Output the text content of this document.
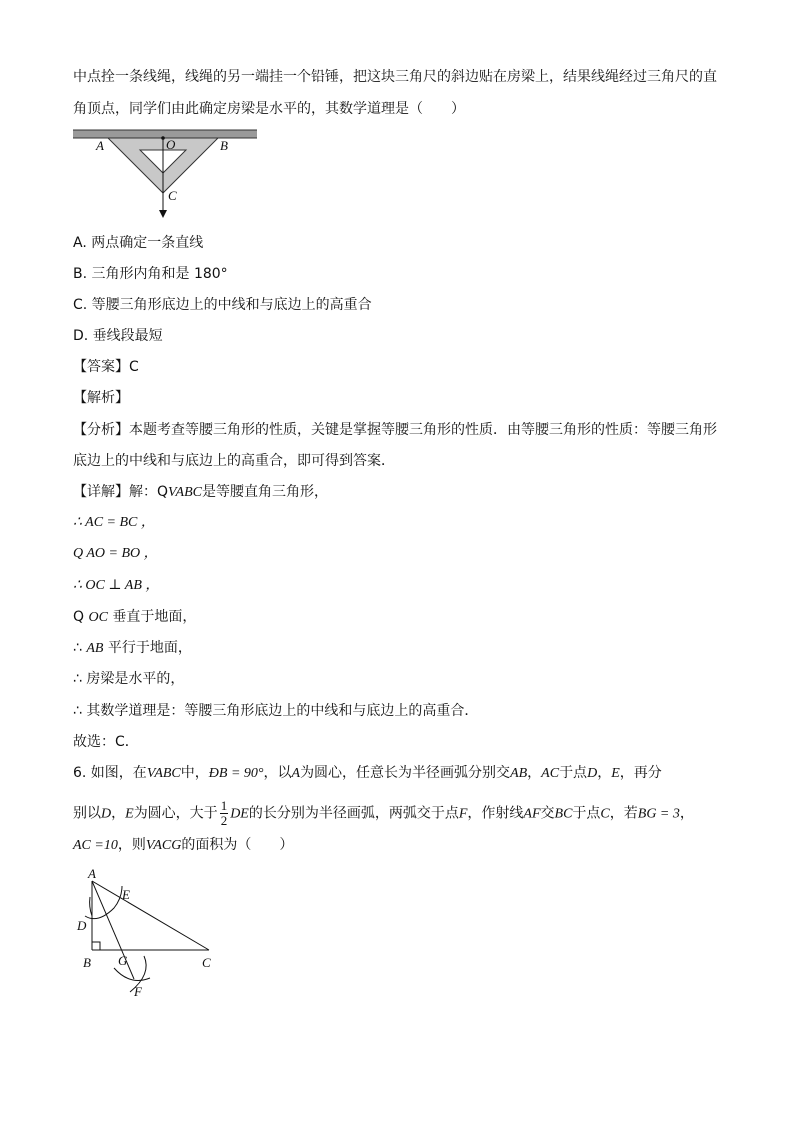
中点拴一条线绳，线绳的另一端挂一个铅锤，把这块三角尺的斜边贴在房梁上，结果线绳经过三角尺的直
角顶点，同学们由此确定房梁是水平的，其数学道理是（　　）
A	O	B
C
A. 两点确定一条直线
B. 三角形内角和是 180°
C. 等腰三角形底边上的中线和与底边上的高重合
D. 垂线段最短
【答案】C
【解析】
【分析】本题考查等腰三角形的性质，关键是掌握等腰三角形的性质．由等腰三角形的性质：等腰三角形
底边上的中线和与底边上的高重合，即可得到答案．
【详解】解：QVABC是等腰直角三角形，
∴ AC = BC ，
Q AO = BO ，
∴ OC ⊥ AB ，
Q OC 垂直于地面，
∴ AB 平行于地面，
∴ 房梁是水平的，
∴ 其数学道理是：等腰三角形底边上的中线和与底边上的高重合．
故选：C．
6. 如图，在VABC中，ÐB = 90°，以A为圆心，任意长为半径画弧分别交AB，AC于点D，E，再分
别以D，E为圆心，大于 $\frac{1}{2}$ DE的长分别为半径画弧，两弧交于点F，作射线AF交BC于点C，若BG = 3，
AC =10，则VACG的面积为（　　）
A
E
D
B G	C
F
